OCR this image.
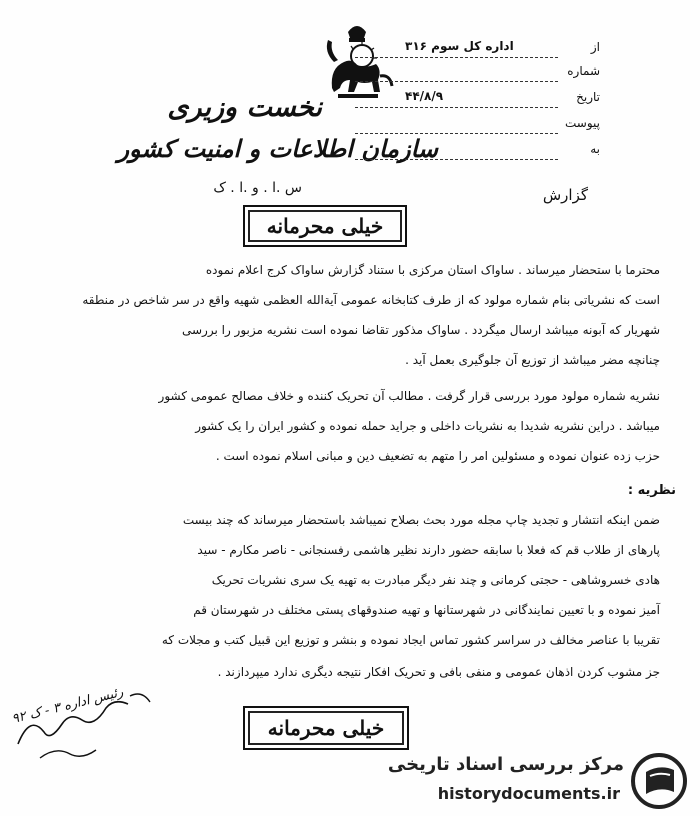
نخست وزیری
سازمان اطلاعات و امنیت کشور
س .ا . و .ا . ک
از
اداره کل سوم ۳۱۶
شماره
تاریخ
۴۴/۸/۹
پیوست
به
گزارش
خیلی محرمانه
محترما با ستحضار میرساند . ساواک استان مرکزی با ستناد گزارش ساواک کرج اعلام نموده
است که نشریاتی بنام شماره مولود که از طرف کتابخانه عمومی آیةالله العظمی شهیه واقع در سر شاخص در منطقه
شهریار که آبونه میباشد ارسال میگردد . ساواک مذکور تقاضا نموده است نشریه مزبور را بررسی
چنانچه مضر میباشد از توزیع آن جلوگیری بعمل آید .
نشریه شماره مولود مورد بررسی قرار گرفت . مطالب آن تحریک کننده و خلاف مصالح عمومی کشور
میباشد . دراین نشریه شدیدا به نشریات داخلی و جراید حمله نموده و کشور ایران را یک کشور
حزب زده عنوان نموده و مسئولین امر را متهم به تضعیف دین و مبانی اسلام نموده است .
نظریه :
ضمن اینکه انتشار و تجدید چاپ مجله مورد بحث بصلاح نمیباشد باستحضار میرساند که چند بیست
پارهای از طلاب قم که فعلا با سابقه حضور دارند نظیر هاشمی رفسنجانی - ناصر مکارم - سید
هادی خسروشاهی - حجتی کرمانی و چند نفر دیگر مبادرت به تهیه یک سری نشریات تحریک
آمیز نموده و با تعیین نمایندگانی در شهرستانها و تهیه صندوقهای پستی مختلف در شهرستان قم
تقریبا با عناصر مخالف در سراسر کشور تماس ایجاد نموده و بنشر و توزیع این قبیل کتب و مجلات که
جز مشوب کردن اذهان عمومی و منفی بافی و تحریک افکار نتیجه دیگری ندارد میپردازند .
خیلی محرمانه
رئیس اداره ۳ - ک ۹۲
مرکز بررسی اسناد تاریخی
historydocuments.ir
